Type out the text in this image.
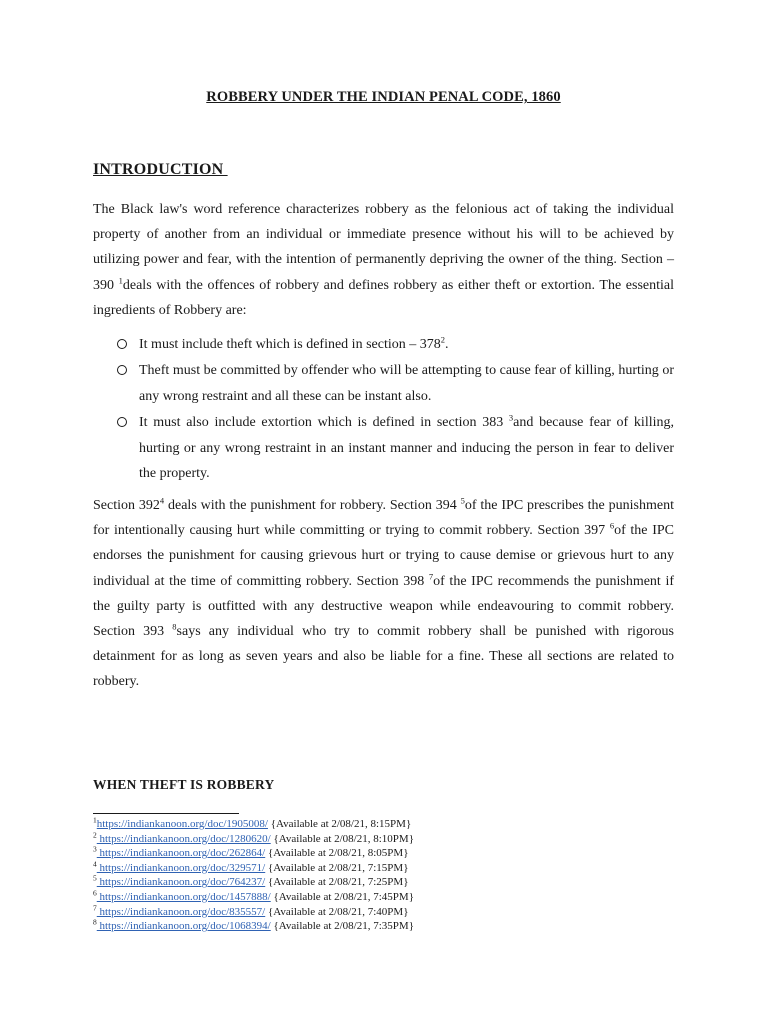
ROBBERY UNDER THE INDIAN PENAL CODE, 1860
INTRODUCTION

The Black law's word reference characterizes robbery as the felonious act of taking the individual property of another from an individual or immediate presence without his will to be achieved by utilizing power and fear, with the intention of permanently depriving the owner of the thing. Section – 390 $^1$deals with the offences of robbery and defines robbery as either theft or extortion. The essential ingredients of Robbery are:

It must include theft which is defined in section – $378^2$.
Theft must be committed by offender who will be attempting to cause fear of killing, hurting or any wrong restraint and all these can be instant also.
It must also include extortion which is defined in section 383 $^3$and because fear of killing, hurting or any wrong restraint in an instant manner and inducing the person in fear to deliver the property.

Section $392^4$ deals with the punishment for robbery. Section 394 $^5$of the IPC prescribes the punishment for intentionally causing hurt while committing or trying to commit robbery. Section 397 $^6$of the IPC endorses the punishment for causing grievous hurt or trying to cause demise or grievous hurt to any individual at the time of committing robbery. Section 398 $^7$of the IPC recommends the punishment if the guilty party is outfitted with any destructive weapon while endeavouring to commit robbery. Section 393 $^8$says any individual who try to commit robbery shall be punished with rigorous detainment for as long as seven years and also be liable for a fine. These all sections are related to robbery.

WHEN THEFT IS ROBBERY
$^1$https://indiankanoon.org/doc/1905008/ {Available at 2/08/21, 8:15PM}
$^2$ https://indiankanoon.org/doc/1280620/ {Available at 2/08/21, 8:10PM}
$^3$ https://indiankanoon.org/doc/262864/ {Available at 2/08/21, 8:05PM}
$^4$ https://indiankanoon.org/doc/329571/ {Available at 2/08/21, 7:15PM}
$^5$ https://indiankanoon.org/doc/764237/ {Available at 2/08/21, 7:25PM}
$^6$ https://indiankanoon.org/doc/1457888/ {Available at 2/08/21, 7:45PM}
$^7$ https://indiankanoon.org/doc/835557/ {Available at 2/08/21, 7:40PM}
$^8$ https://indiankanoon.org/doc/1068394/ {Available at 2/08/21, 7:35PM}
